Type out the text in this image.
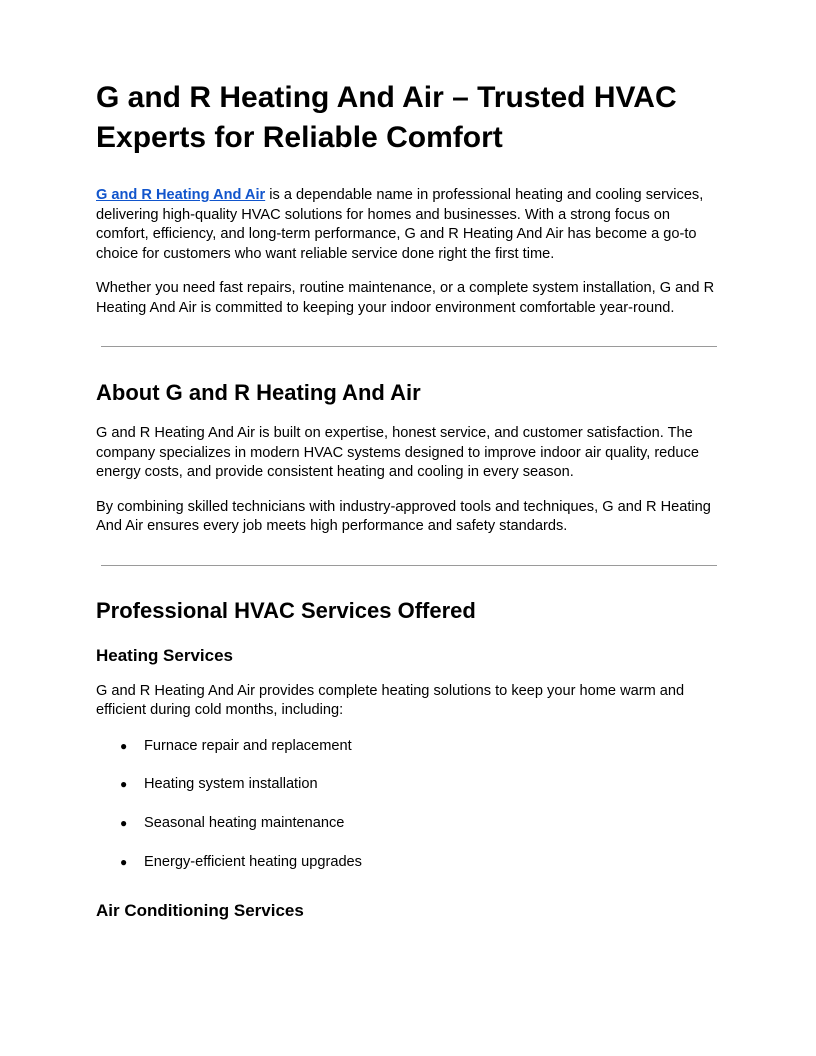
G and R Heating And Air – Trusted HVAC Experts for Reliable Comfort

G and R Heating And Air is a dependable name in professional heating and cooling services, delivering high-quality HVAC solutions for homes and businesses. With a strong focus on comfort, efficiency, and long-term performance, G and R Heating And Air has become a go-to choice for customers who want reliable service done right the first time.

Whether you need fast repairs, routine maintenance, or a complete system installation, G and R Heating And Air is committed to keeping your indoor environment comfortable year-round.

About G and R Heating And Air

G and R Heating And Air is built on expertise, honest service, and customer satisfaction. The company specializes in modern HVAC systems designed to improve indoor air quality, reduce energy costs, and provide consistent heating and cooling in every season.

By combining skilled technicians with industry-approved tools and techniques, G and R Heating And Air ensures every job meets high performance and safety standards.

Professional HVAC Services Offered
Heating Services

G and R Heating And Air provides complete heating solutions to keep your home warm and efficient during cold months, including:

● Furnace repair and replacement
● Heating system installation
● Seasonal heating maintenance
● Energy-efficient heating upgrades
Air Conditioning Services
